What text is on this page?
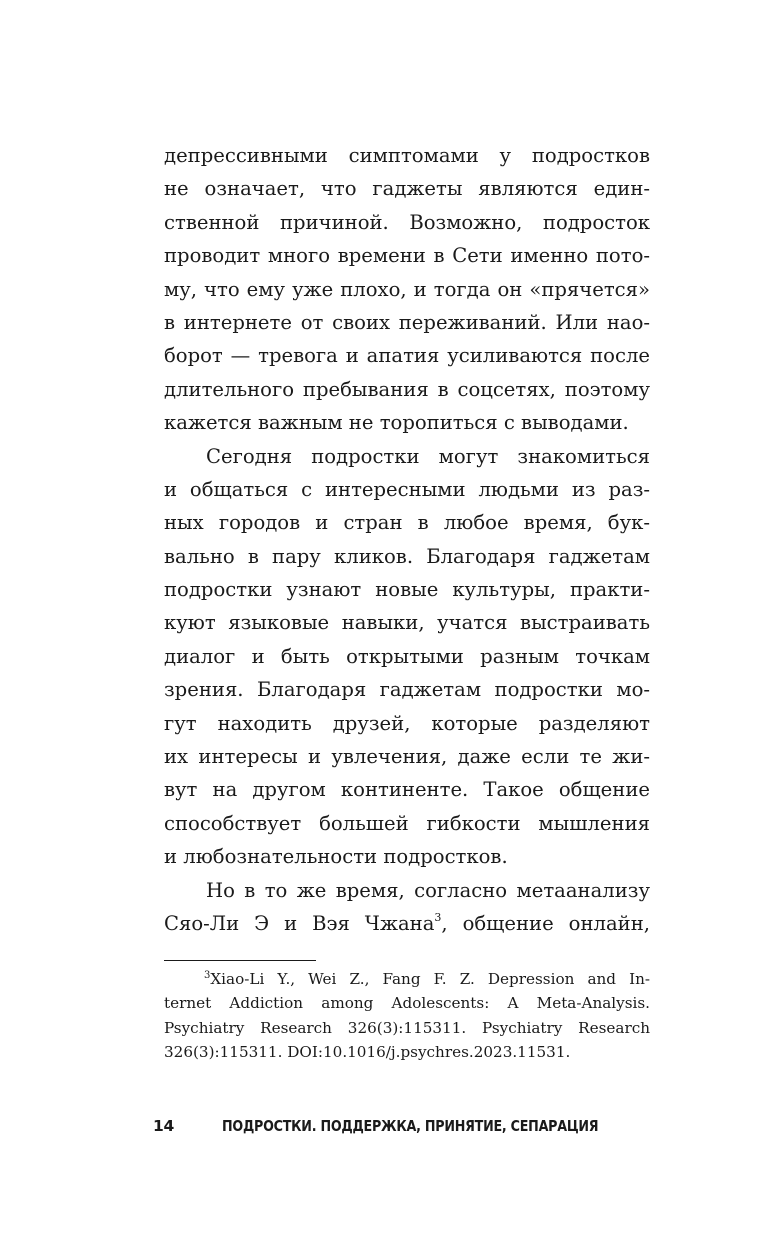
депрессивными симптомами у подростков
не означает, что гаджеты являются един-
ственной причиной. Возможно, подросток
проводит много времени в Сети именно пото-
му, что ему уже плохо, и тогда он «прячется»
в интернете от своих переживаний. Или нао-
борот — тревога и апатия усиливаются после
длительного пребывания в соцсетях, поэтому
кажется важным не торопиться с выводами.
Сегодня подростки могут знакомиться
и общаться с интересными людьми из раз-
ных городов и стран в любое время, бук-
вально в пару кликов. Благодаря гаджетам
подростки узнают новые культуры, практи-
куют языковые навыки, учатся выстраивать
диалог и быть открытыми разным точкам
зрения. Благодаря гаджетам подростки мо-
гут находить друзей, которые разделяют
их интересы и увлечения, даже если те жи-
вут на другом континенте. Такое общение
способствует большей гибкости мышления
и любознательности подростков.
Но в то же время, согласно метаанализу
Сяо-Ли Э и Вэя Чжана$^3$, общение онлайн,
$^3$Xiao-Li Y., Wei Z., Fang F. Z. Depression and In-
ternet Addiction among Adolescents: A Meta-Analysis.
Psychiatry Research 326(3):115311. Psychiatry Research
326(3):115311. DOI:10.1016/j.psychres.2023.11531.
14	ПОДРОСТКИ. ПОДДЕРЖКА, ПРИНЯТИЕ, СЕПАРАЦИЯ
